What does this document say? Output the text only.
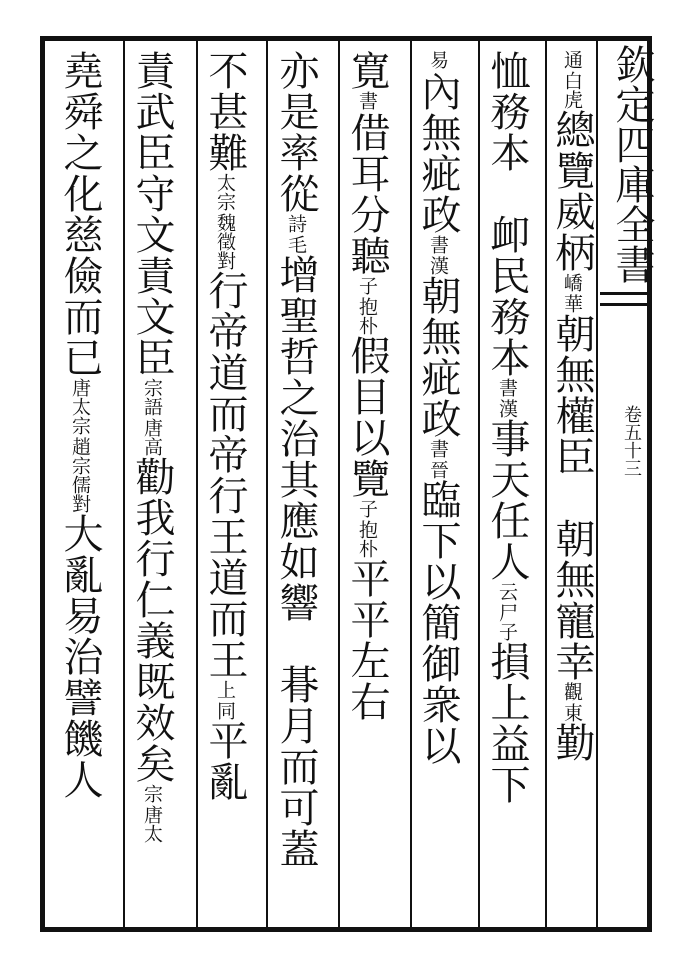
欽定四庫全書
卷五十三
白虎
通
總覽威柄
華
嶠
朝無權臣　朝無寵幸
東
觀
勤
恤務本　卹民務本
漢
書
事天任人
尸子
云
損上益下
易
內無疵政
漢
書
朝無疵政
晉
書
臨下以簡御衆以
寛
書
借耳分聽
抱朴
子
假目以覽
抱朴
子
平平左右
亦是率從
毛
詩
增聖哲之治其應如響　朞月而可蓋
不甚難
魏徵對
太宗
行帝道而帝行王道而王
同
上
平亂
責武臣守文責文臣
唐高
宗語
勸我行仁義既效矣
唐太
宗
堯舜之化慈儉而已
趙宗儒對
唐太宗
大亂易治譬饑人
